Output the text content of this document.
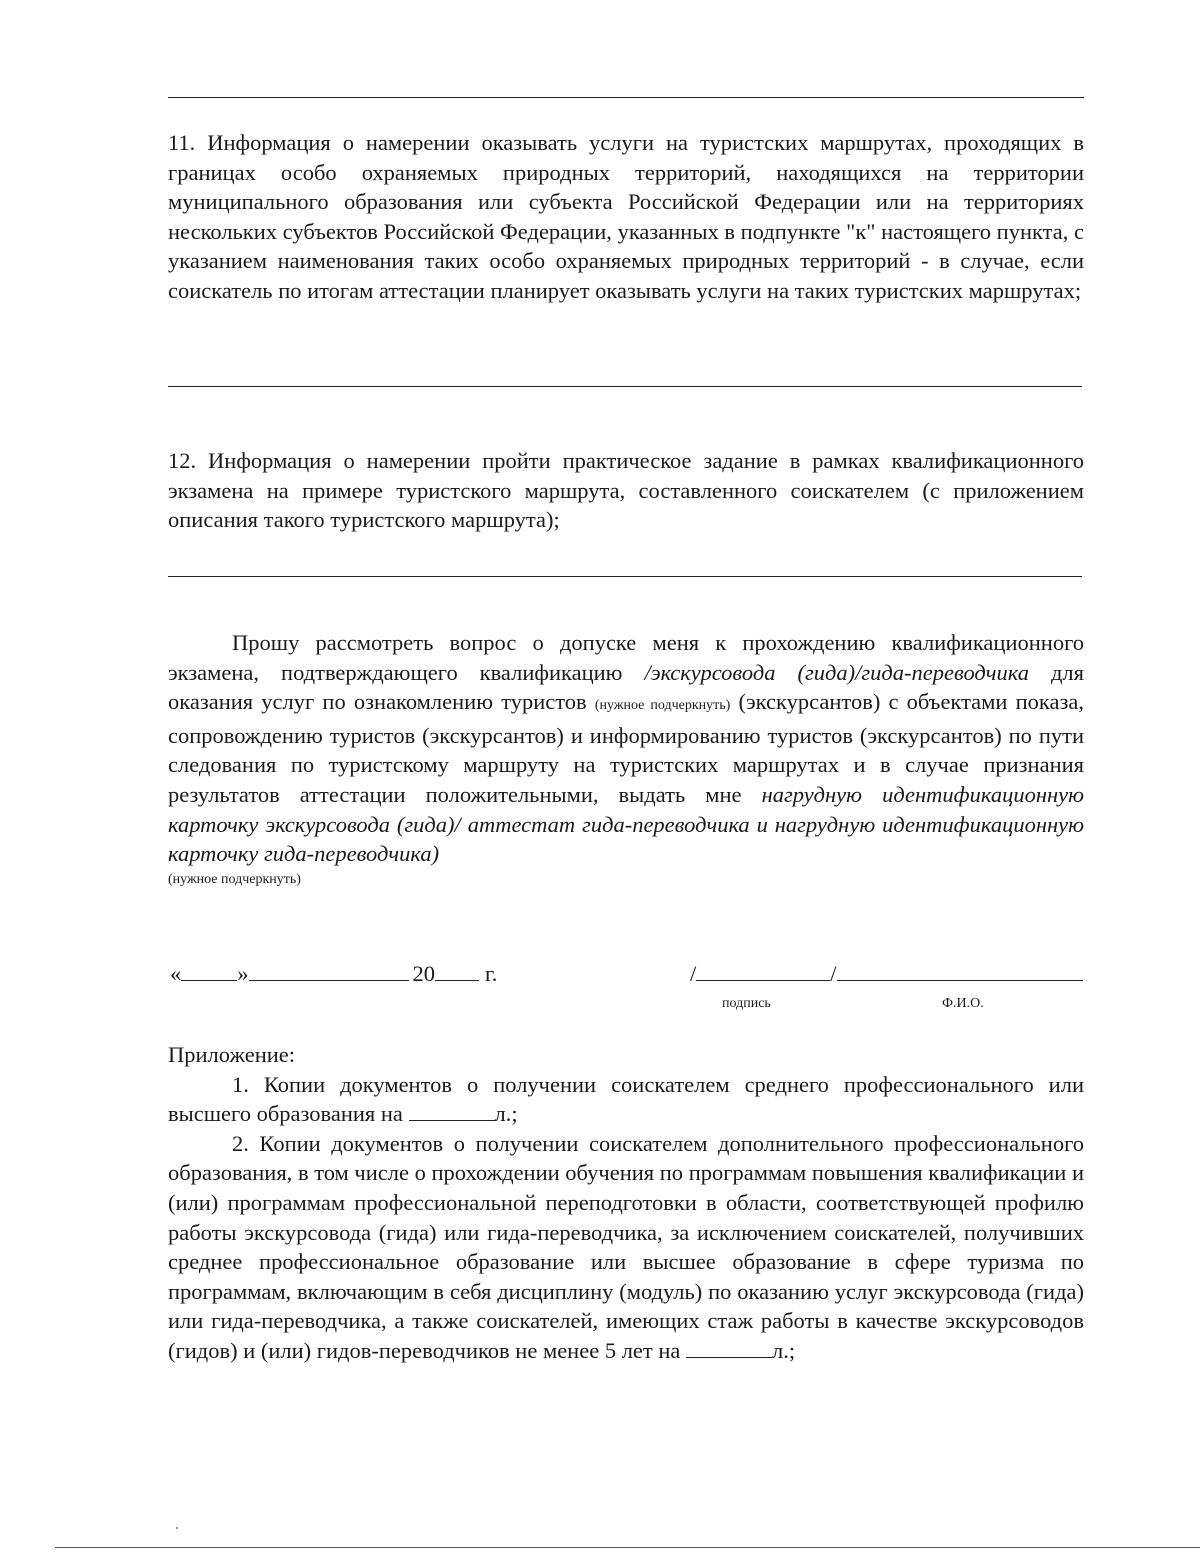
11. Информация о намерении оказывать услуги на туристских маршрутах, проходящих в границах особо охраняемых природных территорий, находящихся на территории муниципального образования или субъекта Российской Федерации или на территориях нескольких субъектов Российской Федерации, указанных в подпункте "к" настоящего пункта, с указанием наименования таких особо охраняемых природных территорий - в случае, если соискатель по итогам аттестации планирует оказывать услуги на таких туристских маршрутах;

12. Информация о намерении пройти практическое задание в рамках квалификационного экзамена на примере туристского маршрута, составленного соискателем (с приложением описания такого туристского маршрута);

Прошу рассмотреть вопрос о допуске меня к прохождению квалификационного экзамена, подтверждающего квалификацию /экскурсовода (гида)/гида-переводчика для оказания услуг по ознакомлению туристов (нужное подчеркнуть) (экскурсантов) с объектами показа, сопровождению туристов (экскурсантов) и информированию туристов (экскурсантов) по пути следования по туристскому маршруту на туристских маршрутах и в случае признания результатов аттестации положительными, выдать мне нагрудную идентификационную карточку экскурсовода (гида)/ аттестат гида-переводчика и нагрудную идентификационную карточку гида-переводчика)

(нужное подчеркнуть)

« »	20 г.	/	/
подпись	Ф.И.О.

Приложение:

1. Копии документов о получении соискателем среднего профессионального или высшего образования на	л.;

2. Копии документов о получении соискателем дополнительного профессионального образования, в том числе о прохождении обучения по программам повышения квалификации и (или) программам профессиональной переподготовки в области, соответствующей профилю работы экскурсовода (гида) или гида-переводчика, за исключением соискателей, получивших среднее профессиональное образование или высшее образование в сфере туризма по программам, включающим в себя дисциплину (модуль) по оказанию услуг экскурсовода (гида) или гида-переводчика, а также соискателей, имеющих стаж работы в качестве экскурсоводов (гидов) и (или) гидов-переводчиков не менее 5 лет на	л.;
